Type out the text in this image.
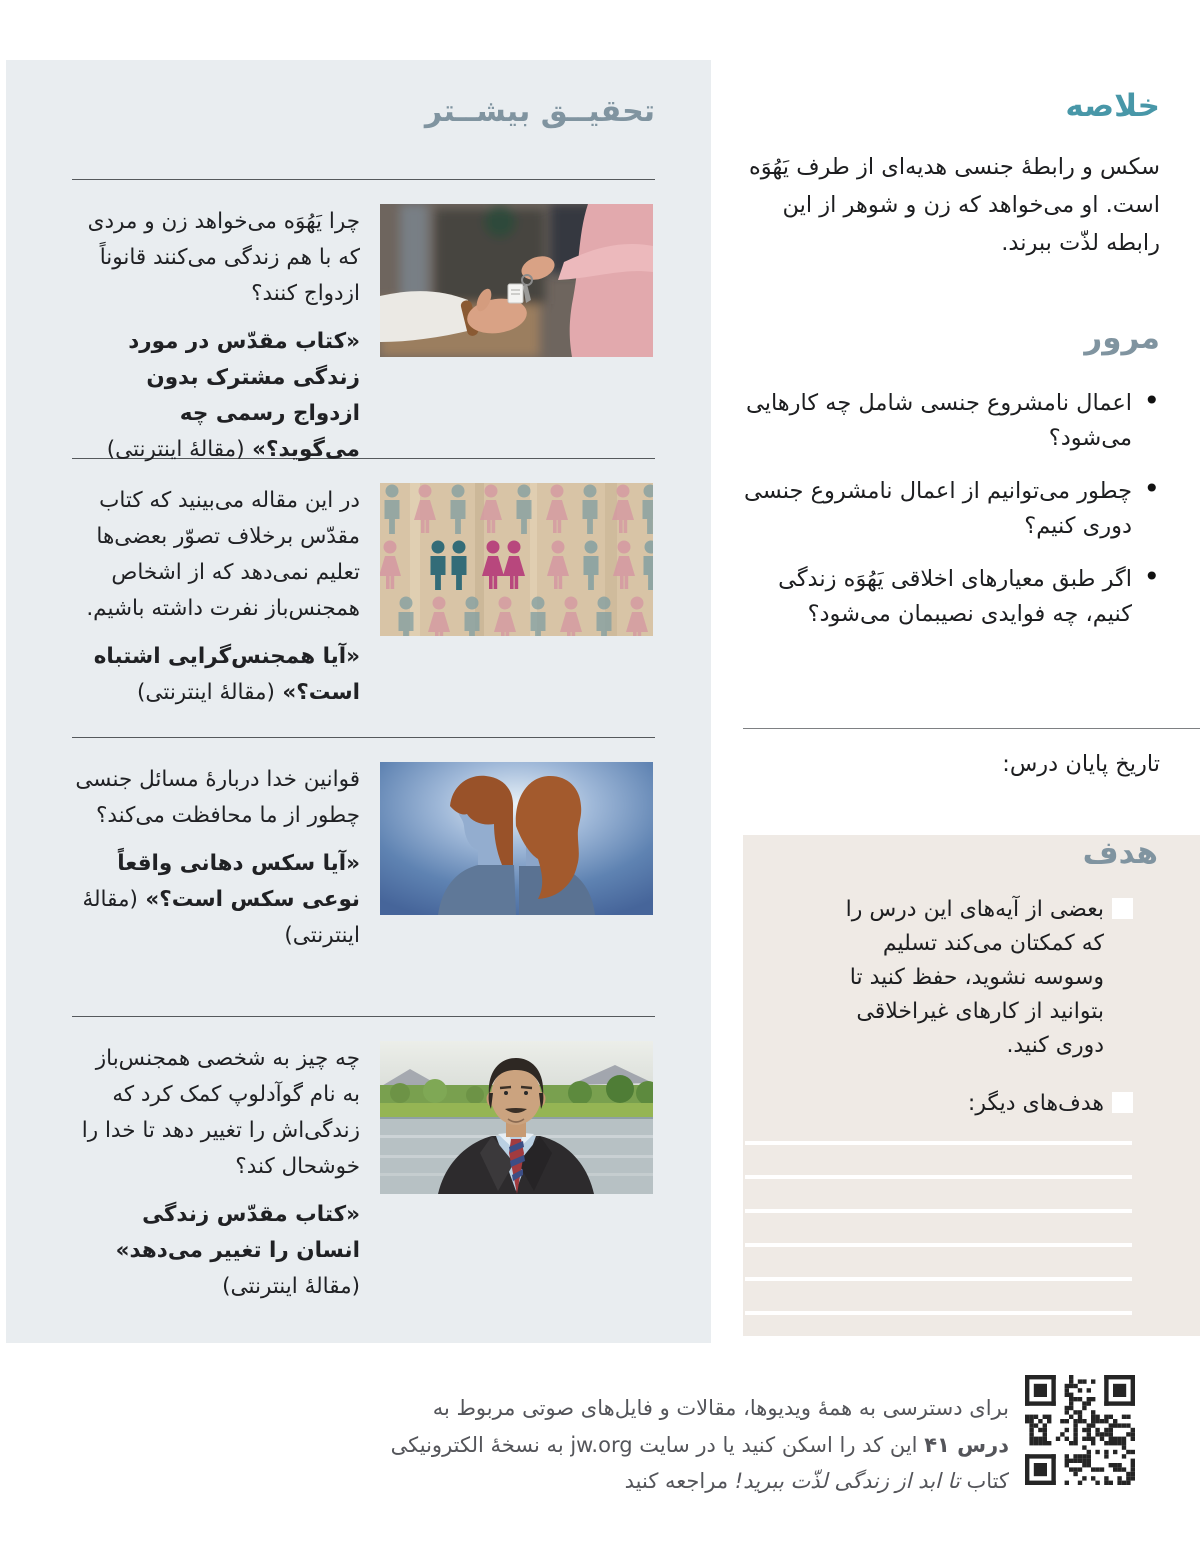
تحقیــق بیشــتر

چرا یَهُوَه می‌خواهد زن و مردی که با هم زندگی می‌کنند قانوناً ازدواج کنند؟

«کتاب مقدّس در مورد زندگی مشترک بدون ازدواج رسمی چه می‌گوید؟» (مقالهٔ اینترنتی)

در این مقاله می‌بینید که کتاب مقدّس برخلاف تصوّر بعضی‌ها تعلیم نمی‌دهد که از اشخاص همجنس‌باز نفرت داشته باشیم.

«آیا همجنس‌گرایی اشتباه است؟» (مقالهٔ اینترنتی)

قوانین خدا دربارهٔ مسائل جنسی چطور از ما محافظت می‌کند؟

«آیا سکس دهانی واقعاً نوعی سکس است؟» (مقالهٔ اینترنتی)

چه چیز به شخصی همجنس‌باز به نام گوآدلوپ کمک کرد که زندگی‌اش را تغییر دهد تا خدا را خوشحال کند؟

«کتاب مقدّس زندگی انسان را تغییر می‌دهد» (مقالهٔ اینترنتی)

خلاصه

سکس و رابطهٔ جنسی هدیه‌ای از طرف یَهُوَه است. او می‌خواهد که زن و شوهر از این رابطه لذّت ببرند.

مرور
• اعمال نامشروع جنسی شامل چه کارهایی می‌شود؟
• چطور می‌توانیم از اعمال نامشروع جنسی دوری کنیم؟
• اگر طبق معیارهای اخلاقی یَهُوَه زندگی کنیم، چه فوایدی نصیبمان می‌شود؟

تاریخ پایان درس:

هدف
بعضی از آیه‌های این درس را که کمکتان می‌کند تسلیم وسوسه نشوید، حفظ کنید تا بتوانید از کارهای غیراخلاقی دوری کنید.
هدف‌های دیگر:
برای دسترسی به همهٔ ویدیوها، مقالات و فایل‌های صوتی مربوط به
درس ۴۱ این کد را اسکن کنید یا در سایت jw.org به نسخهٔ الکترونیکی
کتاب تا ابد از زندگی لذّت ببرید! مراجعه کنید
